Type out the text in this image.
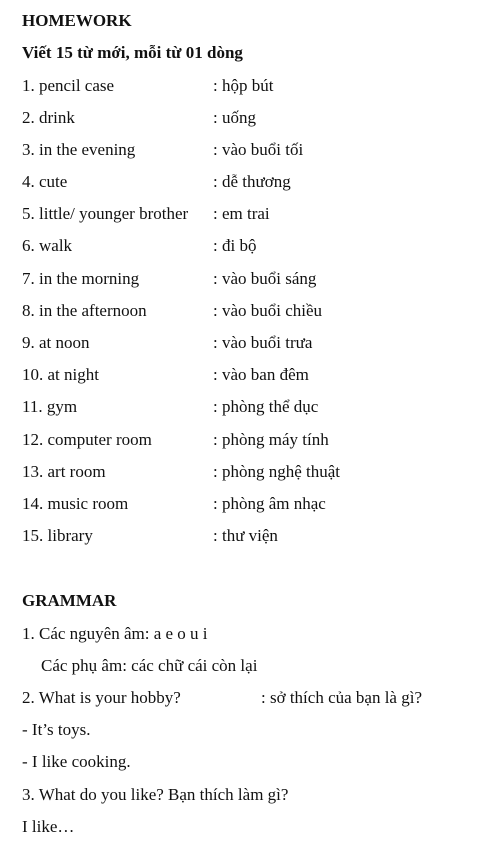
HOMEWORK
Viết 15 từ mới, mỗi từ 01 dòng
1. pencil case	: hộp bút
2. drink	: uống
3. in the evening	: vào buổi tối
4. cute	: dễ thương
5. little/ younger brother : em trai
6. walk	: đi bộ
7. in the morning	: vào buổi sáng
8. in the afternoon	: vào buổi chiều
9. at noon	: vào buổi trưa
10. at night	: vào ban đêm
11. gym	: phòng thể dục
12. computer room	: phòng máy tính
13. art room	: phòng nghệ thuật
14. music room	: phòng âm nhạc
15. library	: thư viện
GRAMMAR
1. Các nguyên âm: a e o u i
Các phụ âm: các chữ cái còn lại
2. What is your hobby?	: sở thích của bạn là gì?
- It’s toys.
- I like cooking.
3. What do you like? Bạn thích làm gì?
I like…
